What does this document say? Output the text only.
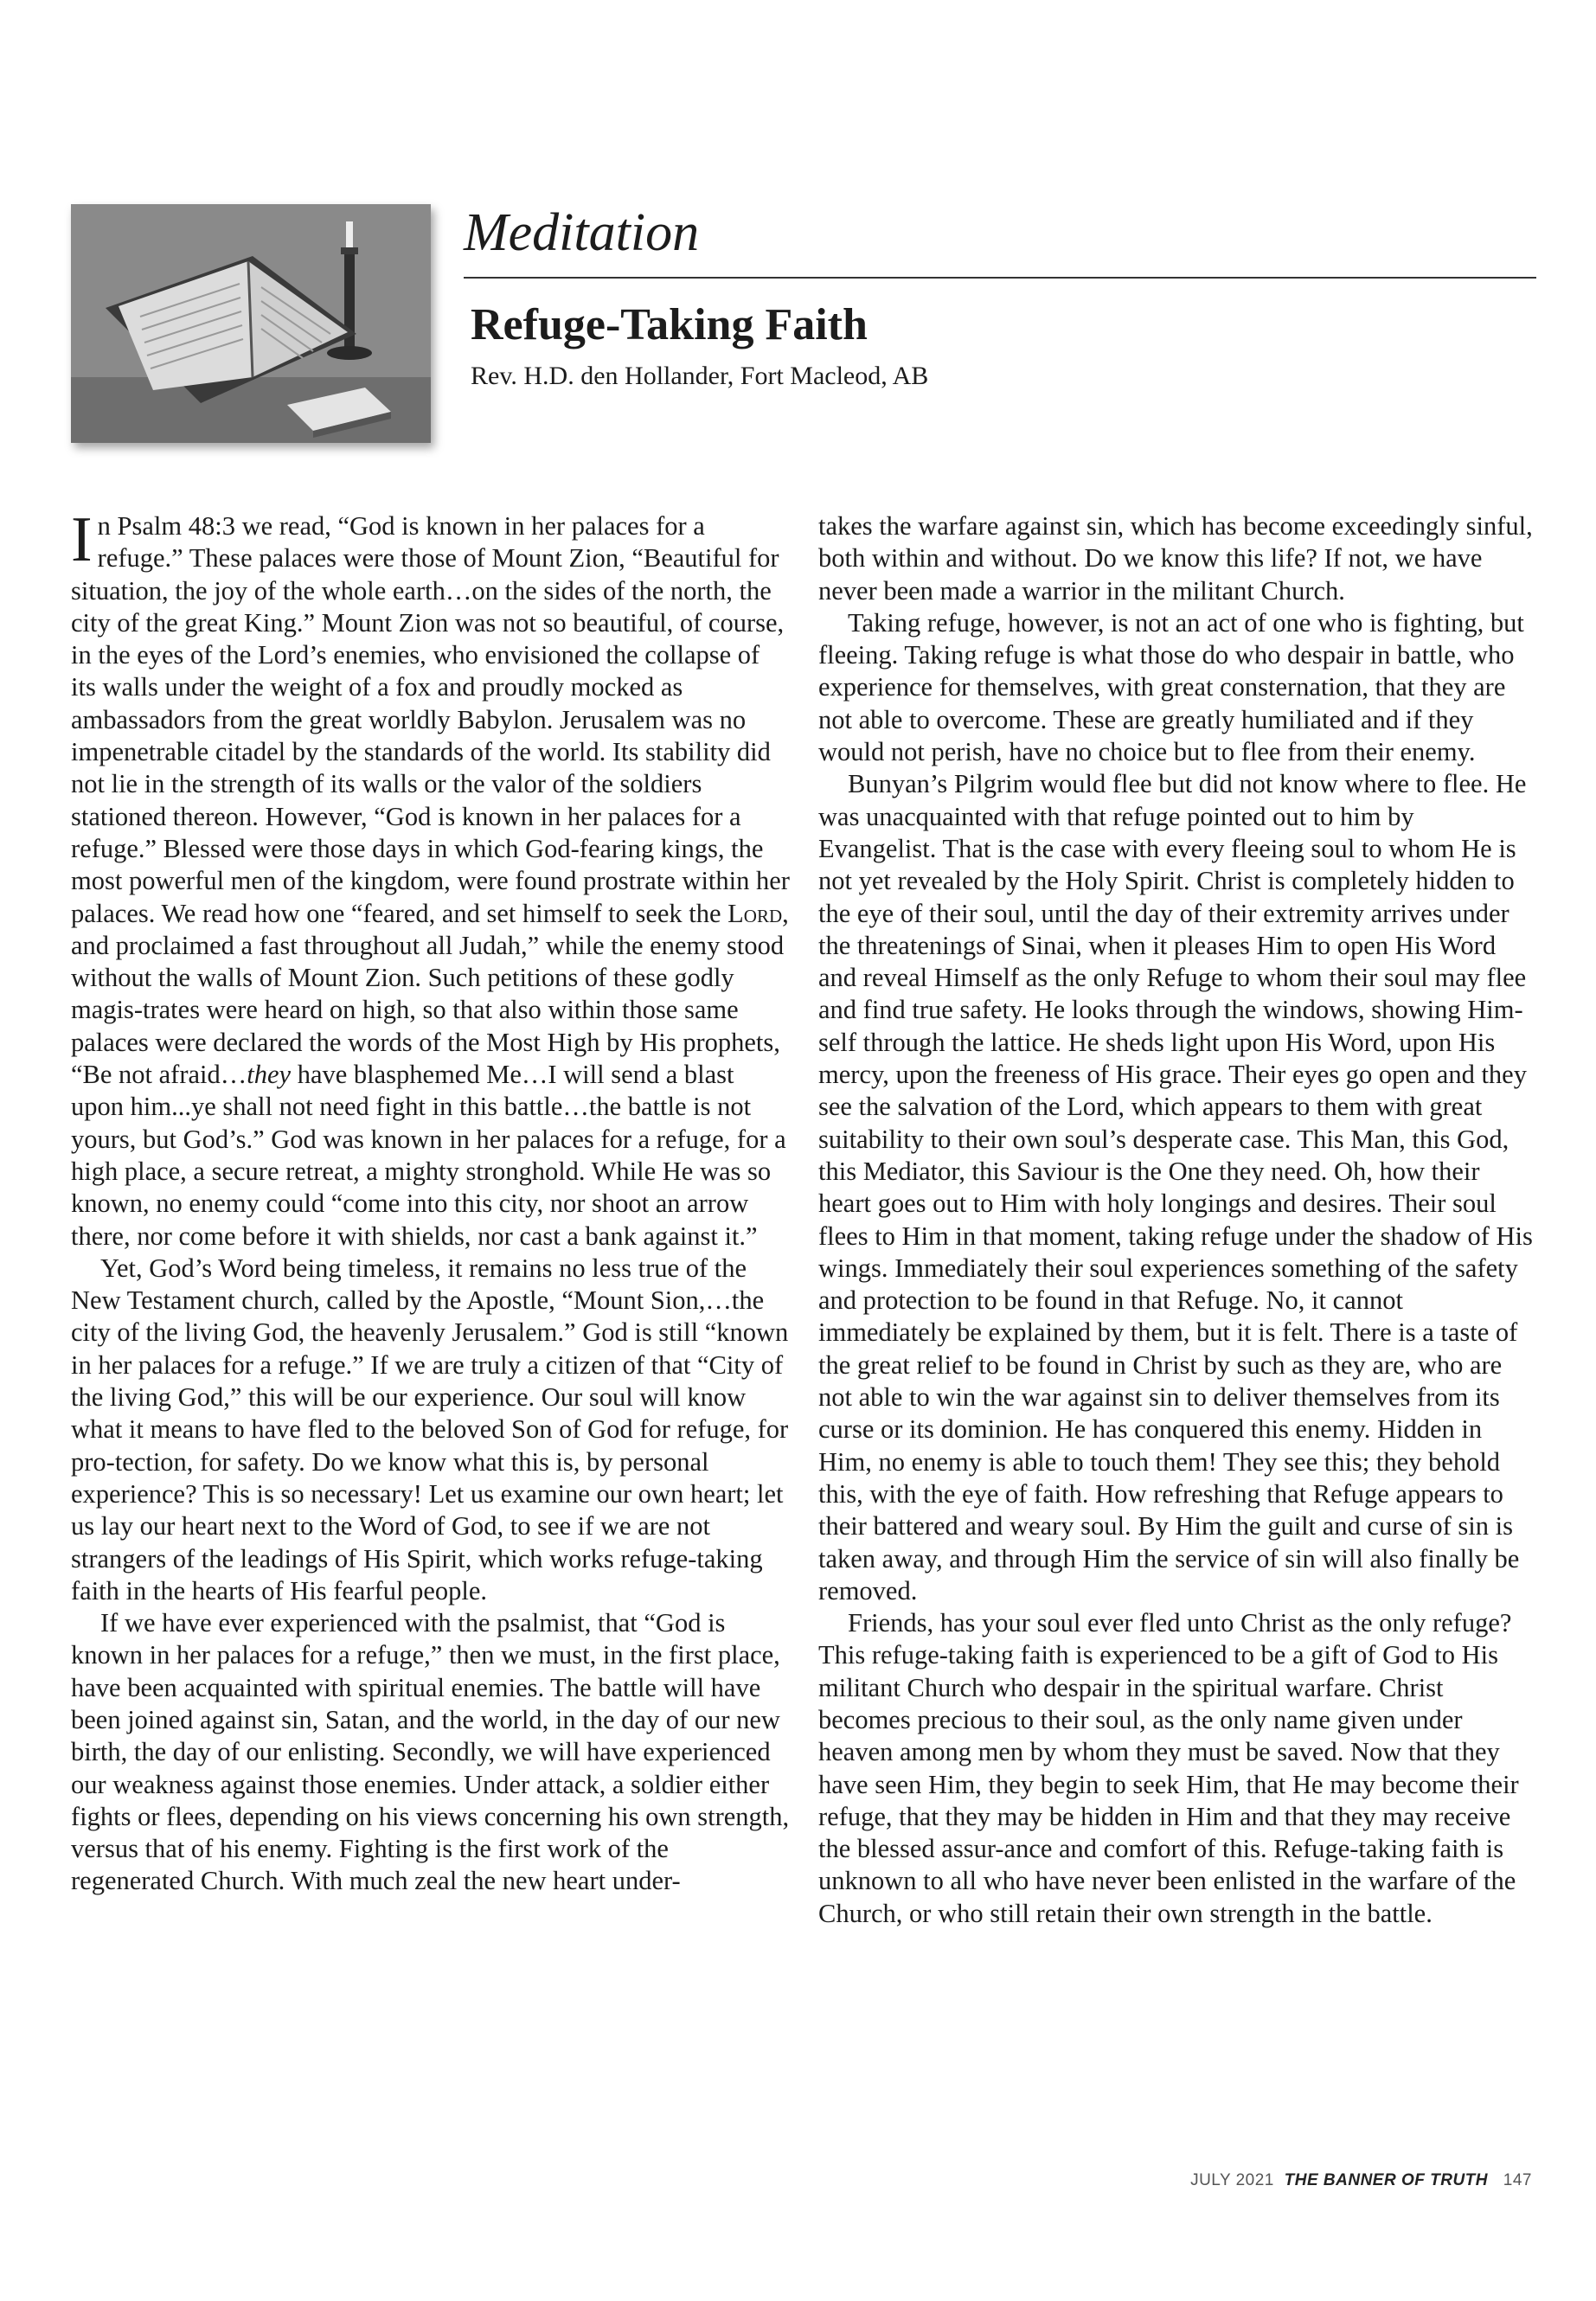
Meditation
Refuge-Taking Faith
Rev. H.D. den Hollander, Fort Macleod, AB

In Psalm 48:3 we read, “God is known in her palaces for a refuge.” These palaces were those of Mount Zion, “Beautiful for situation, the joy of the whole earth…on the sides of the north, the city of the great King.” Mount Zion was not so beautiful, of course, in the eyes of the Lord’s enemies, who envisioned the collapse of its walls under the weight of a fox and proudly mocked as ambassadors from the great worldly Babylon. Jerusalem was no impenetrable citadel by the standards of the world. Its stability did not lie in the strength of its walls or the valor of the soldiers stationed thereon. However, “God is known in her palaces for a refuge.” Blessed were those days in which God-fearing kings, the most powerful men of the kingdom, were found prostrate within her palaces. We read how one “feared, and set himself to seek the Lord, and proclaimed a fast throughout all Judah,” while the enemy stood without the walls of Mount Zion. Such petitions of these godly magis-trates were heard on high, so that also within those same palaces were declared the words of the Most High by His prophets, “Be not afraid…they have blasphemed Me…I will send a blast upon him...ye shall not need fight in this battle…the battle is not yours, but God’s.” God was known in her palaces for a refuge, for a high place, a secure retreat, a mighty stronghold. While He was so known, no enemy could “come into this city, nor shoot an arrow there, nor come before it with shields, nor cast a bank against it.”

Yet, God’s Word being timeless, it remains no less true of the New Testament church, called by the Apostle, “Mount Sion,…the city of the living God, the heavenly Jerusalem.” God is still “known in her palaces for a refuge.” If we are truly a citizen of that “City of the living God,” this will be our experience. Our soul will know what it means to have fled to the beloved Son of God for refuge, for pro-tection, for safety. Do we know what this is, by personal experience? This is so necessary! Let us examine our own heart; let us lay our heart next to the Word of God, to see if we are not strangers of the leadings of His Spirit, which works refuge-taking faith in the hearts of His fearful people.

If we have ever experienced with the psalmist, that “God is known in her palaces for a refuge,” then we must, in the first place, have been acquainted with spiritual enemies. The battle will have been joined against sin, Satan, and the world, in the day of our new birth, the day of our enlisting. Secondly, we will have experienced our weakness against those enemies. Under attack, a soldier either fights or flees, depending on his views concerning his own strength, versus that of his enemy. Fighting is the first work of the regenerated Church. With much zeal the new heart under-

takes the warfare against sin, which has become exceedingly sinful, both within and without. Do we know this life? If not, we have never been made a warrior in the militant Church.

Taking refuge, however, is not an act of one who is fighting, but fleeing. Taking refuge is what those do who despair in battle, who experience for themselves, with great consternation, that they are not able to overcome. These are greatly humiliated and if they would not perish, have no choice but to flee from their enemy.

Bunyan’s Pilgrim would flee but did not know where to flee. He was unacquainted with that refuge pointed out to him by Evangelist. That is the case with every fleeing soul to whom He is not yet revealed by the Holy Spirit. Christ is completely hidden to the eye of their soul, until the day of their extremity arrives under the threatenings of Sinai, when it pleases Him to open His Word and reveal Himself as the only Refuge to whom their soul may flee and find true safety. He looks through the windows, showing Him-self through the lattice. He sheds light upon His Word, upon His mercy, upon the freeness of His grace. Their eyes go open and they see the salvation of the Lord, which appears to them with great suitability to their own soul’s desperate case. This Man, this God, this Mediator, this Saviour is the One they need. Oh, how their heart goes out to Him with holy longings and desires. Their soul flees to Him in that moment, taking refuge under the shadow of His wings. Immediately their soul experiences something of the safety and protection to be found in that Refuge. No, it cannot immediately be explained by them, but it is felt. There is a taste of the great relief to be found in Christ by such as they are, who are not able to win the war against sin to deliver themselves from its curse or its dominion. He has conquered this enemy. Hidden in Him, no enemy is able to touch them! They see this; they behold this, with the eye of faith. How refreshing that Refuge appears to their battered and weary soul. By Him the guilt and curse of sin is taken away, and through Him the service of sin will also finally be removed.

Friends, has your soul ever fled unto Christ as the only refuge? This refuge-taking faith is experienced to be a gift of God to His militant Church who despair in the spiritual warfare. Christ becomes precious to their soul, as the only name given under heaven among men by whom they must be saved. Now that they have seen Him, they begin to seek Him, that He may become their refuge, that they may be hidden in Him and that they may receive the blessed assur-ance and comfort of this. Refuge-taking faith is unknown to all who have never been enlisted in the warfare of the Church, or who still retain their own strength in the battle.

JULY 2021 THE BANNER OF TRUTH 147
